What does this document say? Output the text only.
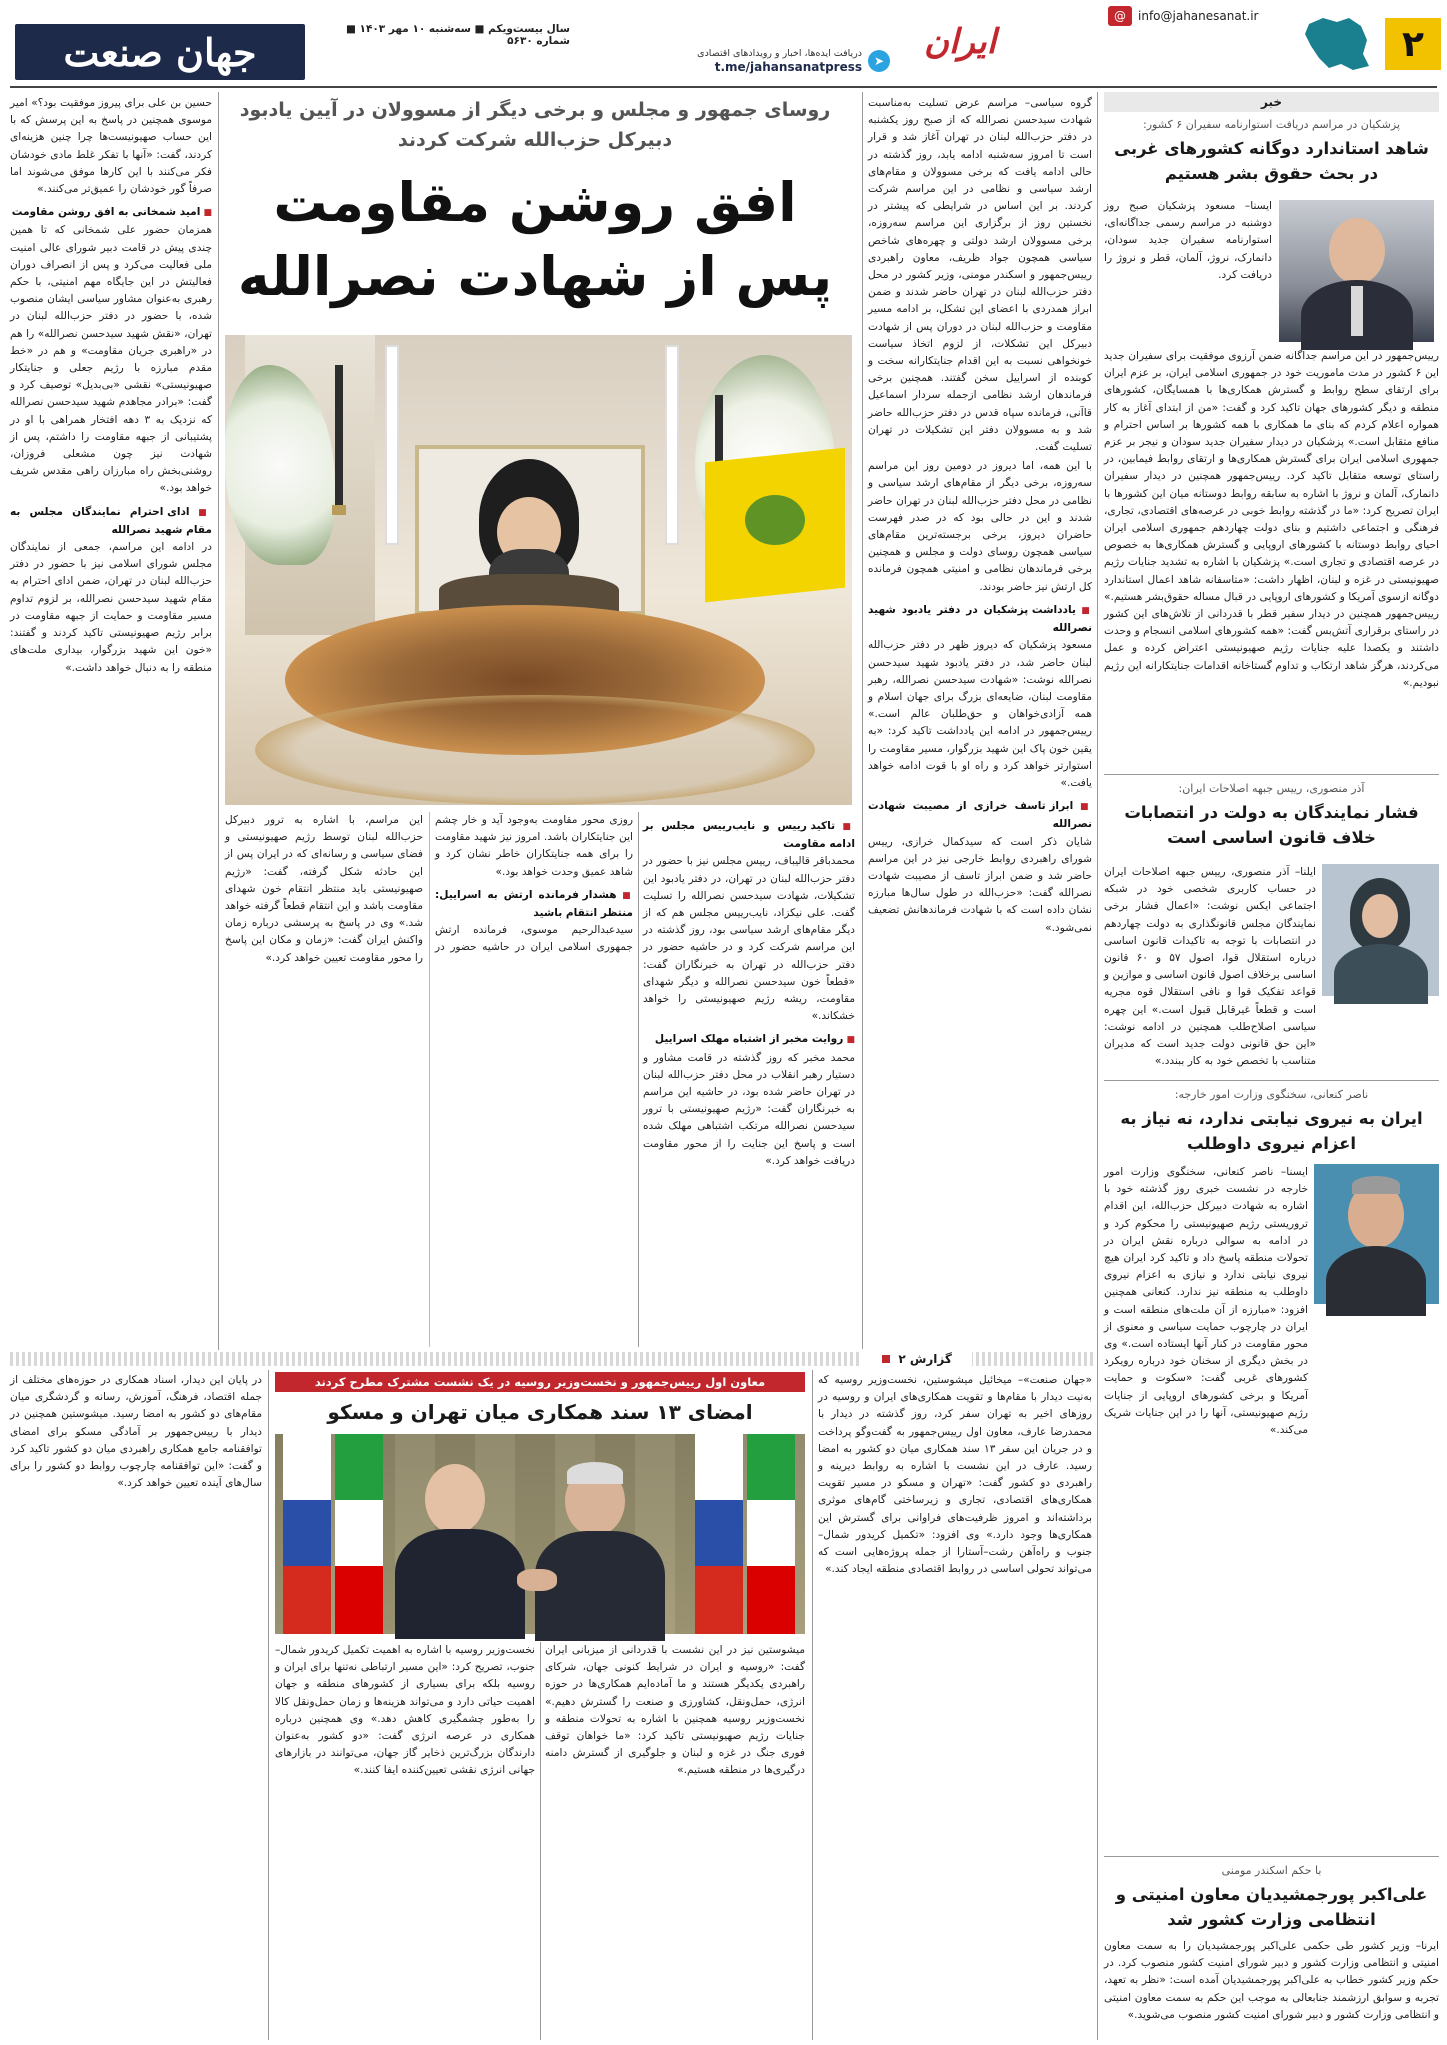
جهان صنعت
سال بیست‌ویکم ■ سه‌شنبه ۱۰ مهر ۱۴۰۳ ■ شماره ۵۶۳۰
➤
دریافت ایده‌ها، اخبار و رویدادهای اقتصادی
t.me/jahansanatpress
ایران
@	info@jahanesanat.ir
۲
خبر
پزشکیان در مراسم دریافت استوارنامه سفیران ۶ کشور:
شاهد استاندارد دوگانه کشورهای غربی در بحث حقوق بشر هستیم
ایسنا– مسعود پزشکیان صبح روز دوشنبه در مراسم رسمی جداگانه‌ای، استوارنامه سفیران جدید سودان، دانمارک، نروژ، آلمان، قطر و نروژ را دریافت کرد.
رییس‌جمهور در این مراسم جداگانه ضمن آرزوی موفقیت برای سفیران جدید این ۶ کشور در مدت ماموریت خود در جمهوری اسلامی ایران، بر عزم ایران برای ارتقای سطح روابط و گسترش همکاری‌ها با همسایگان، کشورهای منطقه و دیگر کشورهای جهان تاکید کرد و گفت: «من از ابتدای آغاز به کار همواره اعلام کردم که بنای ما همکاری با همه کشورها بر اساس احترام و منافع متقابل است.» پزشکیان در دیدار سفیران جدید سودان و نیجر بر عزم جمهوری اسلامی ایران برای گسترش همکاری‌ها و ارتقای روابط فیمابین، در راستای توسعه متقابل تاکید کرد. رییس‌جمهور همچنین در دیدار سفیران دانمارک، آلمان و نروژ با اشاره به سابقه روابط دوستانه میان این کشورها با ایران تصریح کرد: «ما در گذشته روابط خوبی در عرصه‌های اقتصادی، تجاری، فرهنگی و اجتماعی داشتیم و بنای دولت چهاردهم جمهوری اسلامی ایران احیای روابط دوستانه با کشورهای اروپایی و گسترش همکاری‌ها به خصوص در عرصه اقتصادی و تجاری است.» پزشکیان با اشاره به تشدید جنایات رژیم صهیونیستی در غزه و لبنان، اظهار داشت: «متاسفانه شاهد اعمال استاندارد دوگانه ازسوی آمریکا و کشورهای اروپایی در قبال مساله حقوق‌بشر هستیم.» رییس‌جمهور همچنین در دیدار سفیر قطر با قدردانی از تلاش‌های این کشور در راستای برقراری آتش‌بس گفت: «همه کشورهای اسلامی انسجام و وحدت داشتند و یکصدا علیه جنایات رژیم صهیونیستی اعتراض کرده و عمل می‌کردند، هرگز شاهد ارتکاب و تداوم گستاخانه اقدامات جنایتکارانه این رژیم نبودیم.»
آذر منصوری، رییس جبهه اصلاحات ایران:
فشار نمایندگان به دولت در انتصابات خلاف قانون اساسی است
ایلنا– آذر منصوری، رییس جبهه اصلاحات ایران در حساب کاربری شخصی خود در شبکه اجتماعی ایکس نوشت: «اعمال فشار برخی نمایندگان مجلس قانونگذاری به دولت چهاردهم در انتصابات با توجه به تاکیدات قانون اساسی درباره استقلال قوا، اصول ۵۷ و ۶۰ قانون اساسی برخلاف اصول قانون اساسی و موازین و قواعد تفکیک قوا و نافی استقلال قوه مجریه است و قطعاً غیرقابل قبول است.» این چهره سیاسی اصلاح‌طلب همچنین در ادامه نوشت: «این حق قانونی دولت جدید است که مدیران متناسب با تخصص خود به کار ببندد.»
ناصر کنعانی، سخنگوی وزارت امور خارجه:
ایران به نیروی نیابتی ندارد، نه نیاز به اعزام نیروی داوطلب
ایسنا– ناصر کنعانی، سخنگوی وزارت امور خارجه در نشست خبری روز گذشته خود با اشاره به شهادت دبیرکل حزب‌الله، این اقدام تروریستی رژیم صهیونیستی را محکوم کرد و در ادامه به سوالی درباره نقش ایران در تحولات منطقه پاسخ داد و تاکید کرد ایران هیچ نیروی نیابتی ندارد و نیازی به اعزام نیروی داوطلب به منطقه نیز ندارد. کنعانی همچنین افزود: «مبارزه از آن ملت‌های منطقه است و ایران در چارچوب حمایت سیاسی و معنوی از محور مقاومت در کنار آنها ایستاده است.» وی در بخش دیگری از سخنان خود درباره رویکرد کشورهای غربی گفت: «سکوت و حمایت آمریکا و برخی کشورهای اروپایی از جنایات رژیم صهیونیستی، آنها را در این جنایات شریک می‌کند.»
با حکم اسکندر مومنی
علی‌اکبر پورجمشیدیان معاون امنیتی و انتظامی وزارت کشور شد
ایرنا– وزیر کشور طی حکمی علی‌اکبر پورجمشیدیان را به سمت معاون امنیتی و انتظامی وزارت کشور و دبیر شورای امنیت کشور منصوب کرد. در حکم وزیر کشور خطاب به علی‌اکبر پورجمشیدیان آمده است: «نظر به تعهد، تجربه و سوابق ارزشمند جنابعالی به موجب این حکم به سمت معاون امنیتی و انتظامی وزارت کشور و دبیر شورای امنیت کشور منصوب می‌شوید.»
روسای جمهور و مجلس و برخی دیگر از مسوولان در آیین یادبود دبیرکل حزب‌الله شرکت کردند
افق روشن مقاومت
پس از شهادت نصرالله

گروه سیاسی– مراسم عرض تسلیت به‌مناسبت شهادت سیدحسن نصرالله که از صبح روز یکشنبه در دفتر حزب‌الله لبنان در تهران آغاز شد و قرار است تا امروز سه‌شنبه ادامه یابد، روز گذشته در حالی ادامه یافت که برخی مسوولان و مقام‌های ارشد سیاسی و نظامی در این مراسم شرکت کردند. بر این اساس در شرایطی که پیشتر در نخستین روز از برگزاری این مراسم سه‌روزه، برخی مسوولان ارشد دولتی و چهره‌های شاخص سیاسی همچون جواد ظریف، معاون راهبردی رییس‌جمهور و اسکندر مومنی، وزیر کشور در محل دفتر حزب‌الله لبنان در تهران حاضر شدند و ضمن ابراز همدردی با اعضای این تشکل، بر ادامه مسیر مقاومت و حزب‌الله لبنان در دوران پس از شهادت دبیرکل این تشکلات، از لزوم اتخاذ سیاست خونخواهی نسبت به این اقدام جنایتکارانه سخت و کوبنده از اسراییل سخن گفتند. همچنین برخی فرماندهان ارشد نظامی ازجمله سردار اسماعیل قاآنی، فرمانده سپاه قدس در دفتر حزب‌الله حاضر شد و به مسوولان دفتر این تشکیلات در تهران تسلیت گفت.

با این همه، اما دیروز در دومین روز این مراسم سه‌روزه، برخی دیگر از مقام‌های ارشد سیاسی و نظامی در محل دفتر حزب‌الله لبنان در تهران حاضر شدند و این در حالی بود که در صدر فهرست حاضران دیروز، برخی برجسته‌ترین مقام‌های سیاسی همچون روسای دولت و مجلس و همچنین برخی فرماندهان نظامی و امنیتی همچون فرمانده کل ارتش نیز حاضر بودند.

■ یادداشت پزشکیان در دفتر یادبود شهید نصرالله

مسعود پزشکیان که دیروز ظهر در دفتر حزب‌الله لبنان حاضر شد، در دفتر یادبود شهید سیدحسن نصرالله نوشت: «شهادت سیدحسن نصرالله، رهبر مقاومت لبنان، ضایعه‌ای بزرگ برای جهان اسلام و همه آزادی‌خواهان و حق‌طلبان عالم است.» رییس‌جمهور در ادامه این یادداشت تاکید کرد: «به یقین خون پاک این شهید بزرگوار، مسیر مقاومت را استوارتر خواهد کرد و راه او با قوت ادامه خواهد یافت.»

■ ابراز تاسف خرازی از مصیبت شهادت نصرالله

شایان ذکر است که سیدکمال خرازی، رییس شورای راهبردی روابط خارجی نیز در این مراسم حاضر شد و ضمن ابراز تاسف از مصیبت شهادت نصرالله گفت: «حزب‌الله در طول سال‌ها مبارزه نشان داده است که با شهادت فرماندهانش تضعیف نمی‌شود.»

■ تاکید رییس و نایب‌رییس مجلس بر ادامه مقاومت

محمدباقر قالیباف، رییس مجلس نیز با حضور در دفتر حزب‌الله لبنان در تهران، در دفتر یادبود این تشکیلات، شهادت سیدحسن نصرالله را تسلیت گفت. علی نیکزاد، نایب‌رییس مجلس هم که از دیگر مقام‌های ارشد سیاسی بود، روز گذشته در این مراسم شرکت کرد و در حاشیه حضور در دفتر حزب‌الله در تهران به خبرنگاران گفت: «قطعاً خون سیدحسن نصرالله و دیگر شهدای مقاومت، ریشه رژیم صهیونیستی را خواهد خشکاند.»

■ روایت مخبر از اشتباه مهلک اسراییل

محمد مخبر که روز گذشته در قامت مشاور و دستیار رهبر انقلاب در محل دفتر حزب‌الله لبنان در تهران حاضر شده بود، در حاشیه این مراسم به خبرنگاران گفت: «رژیم صهیونیستی با ترور سیدحسن نصرالله مرتکب اشتباهی مهلک شده است و پاسخ این جنایت را از محور مقاومت دریافت خواهد کرد.»

روزی محور مقاومت به‌وجود آید و خار چشم این جنایتکاران باشد. امروز نیز شهید مقاومت را برای همه جنایتکاران خاطر نشان کرد و شاهد عمیق وحدت خواهد بود.»

■ هشدار فرمانده ارتش به اسراییل: منتظر انتقام باشید

سیدعبدالرحیم موسوی، فرمانده ارتش جمهوری اسلامی ایران در حاشیه حضور در این مراسم، با اشاره به ترور دبیرکل حزب‌الله لبنان توسط رژیم صهیونیستی و فضای سیاسی و رسانه‌ای که در ایران پس از این حادثه شکل گرفته، گفت: «رژیم صهیونیستی باید منتظر انتقام خون شهدای مقاومت باشد و این انتقام قطعاً گرفته خواهد شد.» وی در پاسخ به پرسشی درباره زمان واکنش ایران گفت: «زمان و مکان این پاسخ را محور مقاومت تعیین خواهد کرد.»

حسین بن علی برای پیروز موفقیت بود؟» امیر موسوی همچنین در پاسخ به این پرسش که با این حساب صهیونیست‌ها چرا چنین هزینه‌ای کردند، گفت: «آنها با تفکر غلط مادی خودشان فکر می‌کنند با این کارها موفق می‌شوند اما صرفاً گور خودشان را عمیق‌تر می‌کنند.»

■ امید شمخانی به افق روشن مقاومت

همزمان حضور علی شمخانی که تا همین چندی پیش در قامت دبیر شورای عالی امنیت ملی فعالیت می‌کرد و پس از انصراف دوران فعالیتش در این جایگاه مهم امنیتی، با حکم رهبری به‌عنوان مشاور سیاسی ایشان منصوب شده، با حضور در دفتر حزب‌الله لبنان در تهران، «نقش شهید سیدحسن نصرالله» را هم در «راهبری جریان مقاومت» و هم در «خط مقدم مبارزه با رژیم جعلی و جنایتکار صهیونیستی» نقشی «بی‌بدیل» توصیف کرد و گفت: «برادر مجاهدم شهید سیدحسن نصرالله که نزدیک به ۳ دهه افتخار همراهی با او در پشتیبانی از جبهه مقاومت را داشتم، پس از شهادت نیز چون مشعلی فروزان، روشنی‌بخش راه مبارزان راهی مقدس شریف خواهد بود.»

■ ادای احترام نمایندگان مجلس به مقام شهید نصرالله

در ادامه این مراسم، جمعی از نمایندگان مجلس شورای اسلامی نیز با حضور در دفتر حزب‌الله لبنان در تهران، ضمن ادای احترام به مقام شهید سیدحسن نصرالله، بر لزوم تداوم مسیر مقاومت و حمایت از جبهه مقاومت در برابر رژیم صهیونیستی تاکید کردند و گفتند: «خون این شهید بزرگوار، بیداری ملت‌های منطقه را به دنبال خواهد داشت.»

گزارش ۲
معاون اول رییس‌جمهور و نخست‌وزیر روسیه در یک نشست مشترک مطرح کردند
امضای ۱۳ سند همکاری میان تهران و مسکو
«جهان صنعت»– میخائیل میشوستین، نخست‌وزیر روسیه که به‌نیت دیدار با مقام‌ها و تقویت همکاری‌های ایران و روسیه در روزهای اخیر به تهران سفر کرد، روز گذشته در دیدار با محمدرضا عارف، معاون اول رییس‌جمهور به گفت‌وگو پرداخت و در جریان این سفر ۱۳ سند همکاری میان دو کشور به امضا رسید. عارف در این نشست با اشاره به روابط دیرینه و راهبردی دو کشور گفت: «تهران و مسکو در مسیر تقویت همکاری‌های اقتصادی، تجاری و زیرساختی گام‌های موثری برداشته‌اند و امروز ظرفیت‌های فراوانی برای گسترش این همکاری‌ها وجود دارد.» وی افزود: «تکمیل کریدور شمال–جنوب و راه‌آهن رشت–آستارا از جمله پروژه‌هایی است که می‌تواند تحولی اساسی در روابط اقتصادی منطقه ایجاد کند.»
میشوستین نیز در این نشست با قدردانی از میزبانی ایران گفت: «روسیه و ایران در شرایط کنونی جهان، شرکای راهبردی یکدیگر هستند و ما آماده‌ایم همکاری‌ها در حوزه انرژی، حمل‌ونقل، کشاورزی و صنعت را گسترش دهیم.» نخست‌وزیر روسیه همچنین با اشاره به تحولات منطقه و جنایات رژیم صهیونیستی تاکید کرد: «ما خواهان توقف فوری جنگ در غزه و لبنان و جلوگیری از گسترش دامنه درگیری‌ها در منطقه هستیم.»
نخست‌وزیر روسیه با اشاره به اهمیت تکمیل کریدور شمال–جنوب، تصریح کرد: «این مسیر ارتباطی نه‌تنها برای ایران و روسیه بلکه برای بسیاری از کشورهای منطقه و جهان اهمیت حیاتی دارد و می‌تواند هزینه‌ها و زمان حمل‌ونقل کالا را به‌طور چشمگیری کاهش دهد.» وی همچنین درباره همکاری در عرصه انرژی گفت: «دو کشور به‌عنوان دارندگان بزرگ‌ترین ذخایر گاز جهان، می‌توانند در بازارهای جهانی انرژی نقشی تعیین‌کننده ایفا کنند.»
در پایان این دیدار، اسناد همکاری در حوزه‌های مختلف از جمله اقتصاد، فرهنگ، آموزش، رسانه و گردشگری میان مقام‌های دو کشور به امضا رسید. میشوستین همچنین در دیدار با رییس‌جمهور بر آمادگی مسکو برای امضای توافقنامه جامع همکاری راهبردی میان دو کشور تاکید کرد و گفت: «این توافقنامه چارچوب روابط دو کشور را برای سال‌های آینده تعیین خواهد کرد.»
